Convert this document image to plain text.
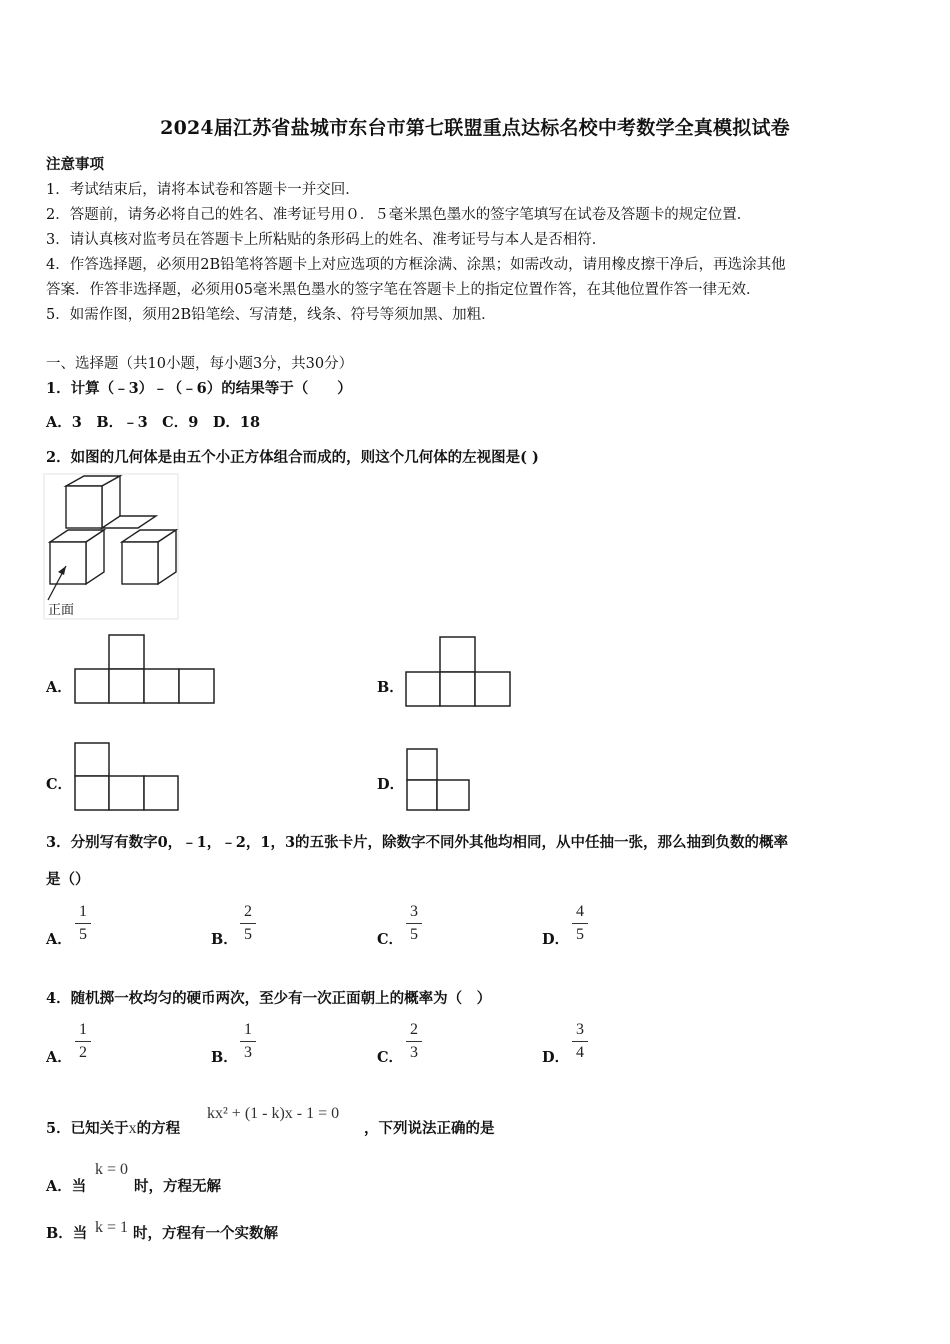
2024届江苏省盐城市东台市第七联盟重点达标名校中考数学全真模拟试卷
注意事项
1．考试结束后，请将本试卷和答题卡一并交回．
2．答题前，请务必将自己的姓名、准考证号用０．５毫米黑色墨水的签字笔填写在试卷及答题卡的规定位置．
3．请认真核对监考员在答题卡上所粘贴的条形码上的姓名、准考证号与本人是否相符．
4．作答选择题，必须用2B铅笔将答题卡上对应选项的方框涂满、涂黑；如需改动，请用橡皮擦干净后，再选涂其他
答案．作答非选择题，必须用05毫米黑色墨水的签字笔在答题卡上的指定位置作答，在其他位置作答一律无效．
5．如需作图，须用2B铅笔绘、写清楚，线条、符号等须加黑、加粗．
一、选择题（共10小题，每小题3分，共30分）
1．计算（﹣3）﹣（﹣6）的结果等于（　　）
A．3　B．﹣3　C．9　D．18
2．如图的几何体是由五个小正方体组合而成的，则这个几何体的左视图是( )
正面
A．	B．
C．	D．
3．分别写有数字0，﹣1，﹣2，1，3的五张卡片，除数字不同外其他均相同，从中任抽一张，那么抽到负数的概率
是（）
A．
1
5	B．
2
5	C．
3
5	D．
4
5
4．随机掷一枚均匀的硬币两次，至少有一次正面朝上的概率为（　）
A．
1
2	B．
1
3	C．
2
3	D．
3
4
5．已知关于x的方程
kx² + (1 - k)x - 1 = 0
，下列说法正确的是
A．当
k = 0
时，方程无解
B．当 k = 1 时，方程有一个实数解
